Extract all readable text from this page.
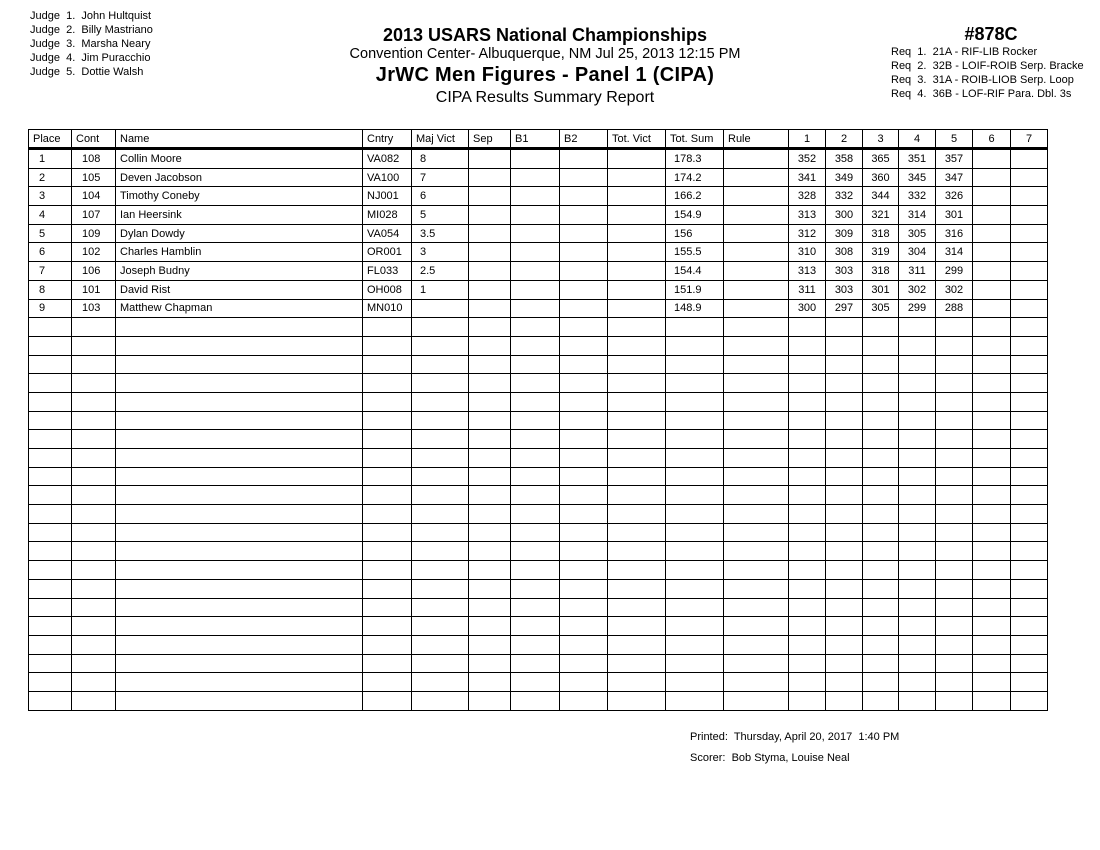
Judge  1.  John Hultquist
Judge  2.  Billy Mastriano
Judge  3.  Marsha Neary
Judge  4.  Jim Puracchio
Judge  5.  Dottie Walsh
2013 USARS National Championships
Convention Center- Albuquerque, NM Jul 25, 2013 12:15 PM
JrWC Men Figures - Panel 1 (CIPA)
CIPA Results Summary Report
#878C
Req  1.  21A - RIF-LIB Rocker
Req  2.  32B - LOIF-ROIB Serp. Bracke
Req  3.  31A - ROIB-LIOB Serp. Loop
Req  4.  36B - LOF-RIF Para. Dbl. 3s
Place	Cont	Name	Cntry	Maj Vict	Sep	B1	B2	Tot. Vict	Tot. Sum	Rule	1	2	3	4	5	6	7
1	108	Collin Moore	VA082	8					178.3		352	358	365	351	357		
2	105	Deven Jacobson	VA100	7					174.2		341	349	360	345	347		
3	104	Timothy Coneby	NJ001	6					166.2		328	332	344	332	326		
4	107	Ian Heersink	MI028	5					154.9		313	300	321	314	301		
5	109	Dylan Dowdy	VA054	3.5					156		312	309	318	305	316		
6	102	Charles Hamblin	OR001	3					155.5		310	308	319	304	314		
7	106	Joseph Budny	FL033	2.5					154.4		313	303	318	311	299		
8	101	David Rist	OH008	1					151.9		311	303	301	302	302		
9	103	Matthew Chapman	MN010						148.9		300	297	305	299	288		

Printed:  Thursday, April 20, 2017  1:40 PM
Scorer:  Bob Styma, Louise Neal
